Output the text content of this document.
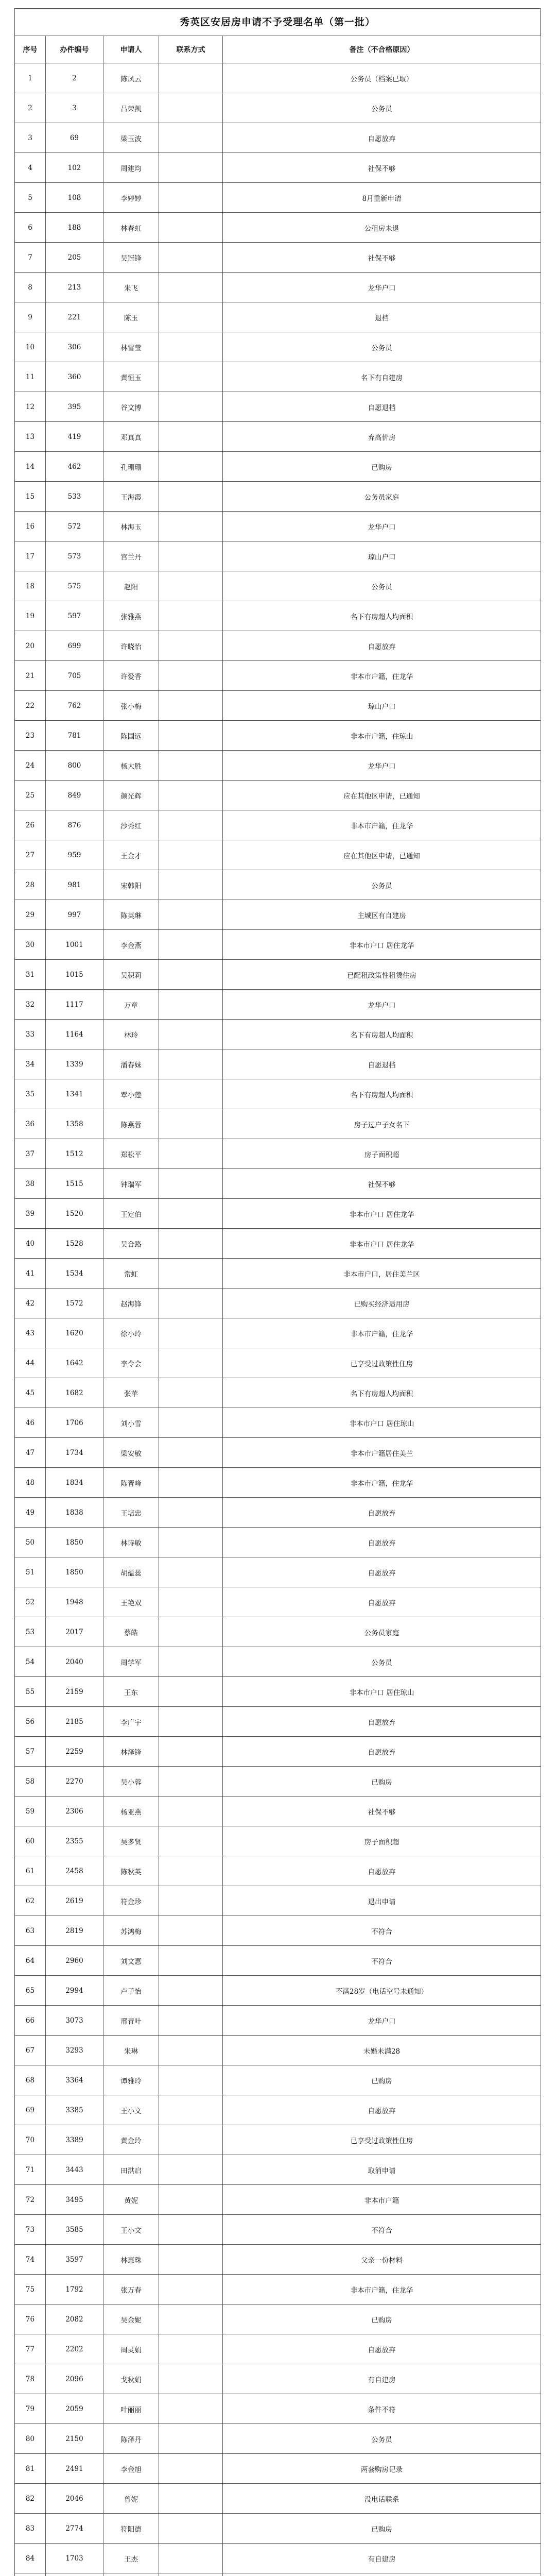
秀英区安居房申请不予受理名单（第一批）
序号	办件编号	申请人	联系方式	备注（不合格原因）
1	2	陈凤云		公务员（档案已取）
2	3	吕荣凯		公务员
3	69	梁玉波		自愿放弃
4	102	周建均		社保不够
5	108	李婷婷		8月重新申请
6	188	林春虹		公租房未退
7	205	吴冠锋		社保不够
8	213	朱飞		龙华户口
9	221	陈玉		退档
10	306	林雪莹		公务员
11	360	黄恒玉		名下有自建房
12	395	谷文博		自愿退档
13	419	邓真真		弃高价房
14	462	孔珊珊		已购房
15	533	王海霞		公务员家庭
16	572	林海玉		龙华户口
17	573	宫兰丹		琼山户口
18	575	赵阳		公务员
19	597	张雅燕		名下有房超人均面积
20	699	许晓怡		自愿放弃
21	705	许爱香		非本市户籍，住龙华
22	762	张小梅		琼山户口
23	781	陈国远		非本市户籍，住琼山
24	800	杨大胜		龙华户口
25	849	颜光辉		应在其他区申请，已通知
26	876	沙秀红		非本市户籍，住龙华
27	959	王金才		应在其他区申请，已通知
28	981	宋韩阳		公务员
29	997	陈英琳		主城区有自建房
30	1001	李金燕		非本市户口 居住龙华
31	1015	吴积莉		已配租政策性租赁住房
32	1117	万章		龙华户口
33	1164	林玲		名下有房超人均面积
34	1339	潘春妹		自愿退档
35	1341	覃小莲		名下有房超人均面积
36	1358	陈燕蓉		房子过户子女名下
37	1512	郑松平		房子面积超
38	1515	钟瑞军		社保不够
39	1520	王定伯		非本市户口 居住龙华
40	1528	吴合路		非本市户口 居住龙华
41	1534	常虹		非本市户口，居住美兰区
42	1572	赵海锋		已购买经济适用房
43	1620	徐小玲		非本市户籍，住龙华
44	1642	李令会		已享受过政策性住房
45	1682	张苹		名下有房超人均面积
46	1706	刘小雪		非本市户口 居住琼山
47	1734	梁安敏		非本市户籍居住美兰
48	1834	陈晋峰		非本市户籍，住龙华
49	1838	王培忠		自愿放弃
50	1850	林诗敏		自愿放弃
51	1850	胡蕴蕊		自愿放弃
52	1948	王艳双		自愿放弃
53	2017	蔡皓		公务员家庭
54	2040	周学军		公务员
55	2159	王东		非本市户口 居住琼山
56	2185	李广宇		自愿放弃
57	2259	林泽锋		自愿放弃
58	2270	吴小蓉		已购房
59	2306	杨亚燕		社保不够
60	2355	吴多贤		房子面积超
61	2458	陈秋英		自愿放弃
62	2619	符金珍		退出申请
63	2819	苏鸿梅		不符合
64	2960	刘文惠		不符合
65	2994	卢子怡		不满28岁（电话空号未通知）
66	3073	邢青叶		龙华户口
67	3293	朱琳		未婚未满28
68	3364	谭雅玲		已购房
69	3385	王小文		自愿放弃
70	3389	黄金玲		已享受过政策性住房
71	3443	田洪启		取消申请
72	3495	黄妮		非本市户籍
73	3585	王小文		不符合
74	3597	林惠珠		父亲一份材料
75	1792	张万春		非本市户籍，住龙华
76	2082	吴金妮		已购房
77	2202	周灵娟		自愿放弃
78	2096	戈秋娟		有自建房
79	2059	叶丽丽		条件不符
80	2150	陈泽丹		公务员
81	2491	李金旭		两套购房记录
82	2046	曾妮		没电话联系
83	2774	符阳德		已购房
84	1703	王杰		有自建房
